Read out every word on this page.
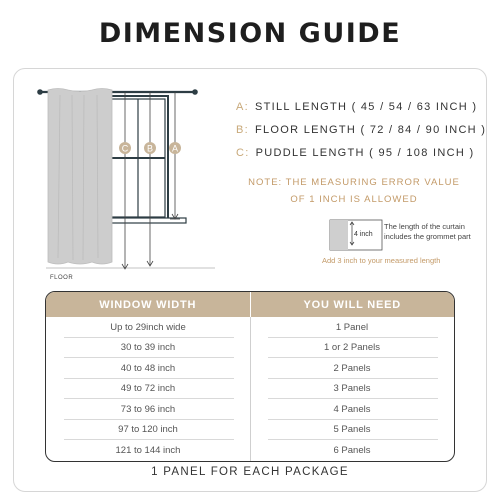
DIMENSION GUIDE
C B A
4 inch
A: STILL LENGTH ( 45 / 54 / 63 INCH )
B: FLOOR LENGTH ( 72 / 84 / 90 INCH )
C: PUDDLE LENGTH ( 95 / 108 INCH )
NOTE: THE MEASURING ERROR VALUE
OF 1 INCH IS ALLOWED
The length of the curtain includes the grommet part
Add 3 inch to your measured length
FLOOR
WINDOW WIDTH	YOU WILL NEED
Up to 29inch wide	1 Panel
30 to 39 inch	1 or 2 Panels
40 to 48 inch	2 Panels
49 to 72 inch	3 Panels
73 to 96 inch	4 Panels
97 to 120 inch	5 Panels
121 to 144 inch	6 Panels
1 PANEL FOR EACH PACKAGE
